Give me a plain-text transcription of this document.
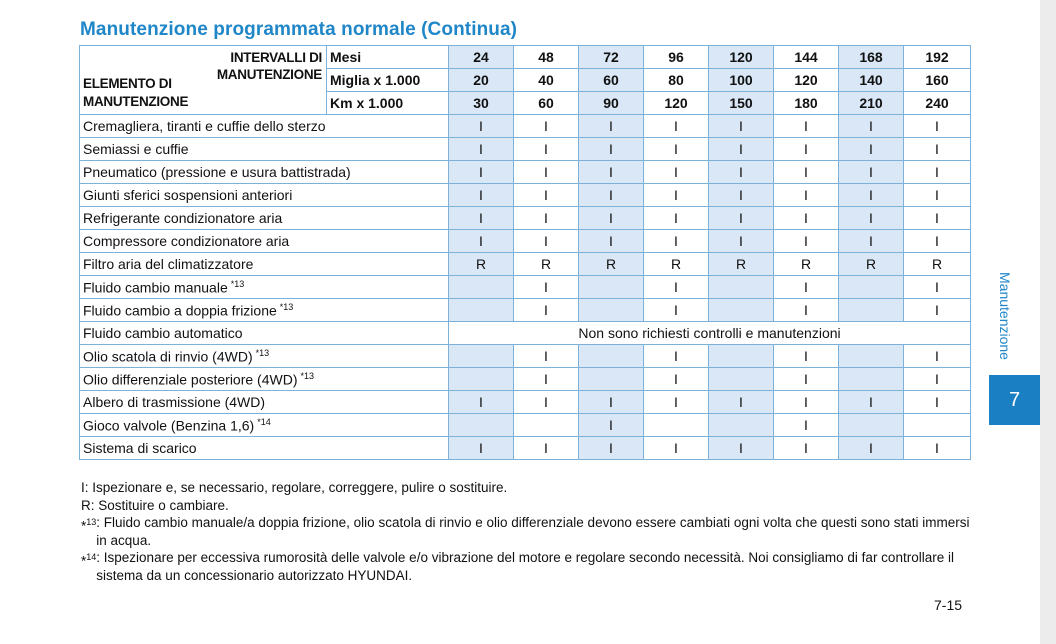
Manutenzione programmata normale (Continua)
INTERVALLI DI
MANUTENZIONE
ELEMENTO DI
MANUTENZIONE	Mesi	24	48	72	96	120	144	168	192
	Miglia x 1.000	20	40	60	80	100	120	140	160
	Km x 1.000	30	60	90	120	150	180	210	240
Cremagliera, tiranti e cuffie dello sterzo		I	I	I	I	I	I	I	I
Semiassi e cuffie		I	I	I	I	I	I	I	I
Pneumatico (pressione e usura battistrada)		I	I	I	I	I	I	I	I
Giunti sferici sospensioni anteriori		I	I	I	I	I	I	I	I
Refrigerante condizionatore aria		I	I	I	I	I	I	I	I
Compressore condizionatore aria		I	I	I	I	I	I	I	I
Filtro aria del climatizzatore		R	R	R	R	R	R	R	R
Fluido cambio manuale $^{*13}$			I		I		I		I
Fluido cambio a doppia frizione $^{*13}$			I		I		I		I
Fluido cambio automatico		Non sono richiesti controlli e manutenzioni							
Olio scatola di rinvio (4WD) $^{*13}$			I		I		I		I
Olio differenziale posteriore (4WD) $^{*13}$			I		I		I		I
Albero di trasmissione (4WD)		I	I	I	I	I	I	I	I
Gioco valvole (Benzina 1,6) $^{*14}$				I			I		
Sistema di scarico		I	I	I	I	I	I	I	I
I: Ispezionare e, se necessario, regolare, correggere, pulire o sostituire.
R: Sostituire o cambiare.
*$^{13}$ : Fluido cambio manuale/a doppia frizione, olio scatola di rinvio e olio differenziale devono essere cambiati ogni volta che questi sono stati immersi in acqua.
*$^{14}$ : Ispezionare per eccessiva rumorosità delle valvole e/o vibrazione del motore e regolare secondo necessità. Noi consigliamo di far controllare il sistema da un concessionario autorizzato HYUNDAI.
7-15
Manutenzione
7
